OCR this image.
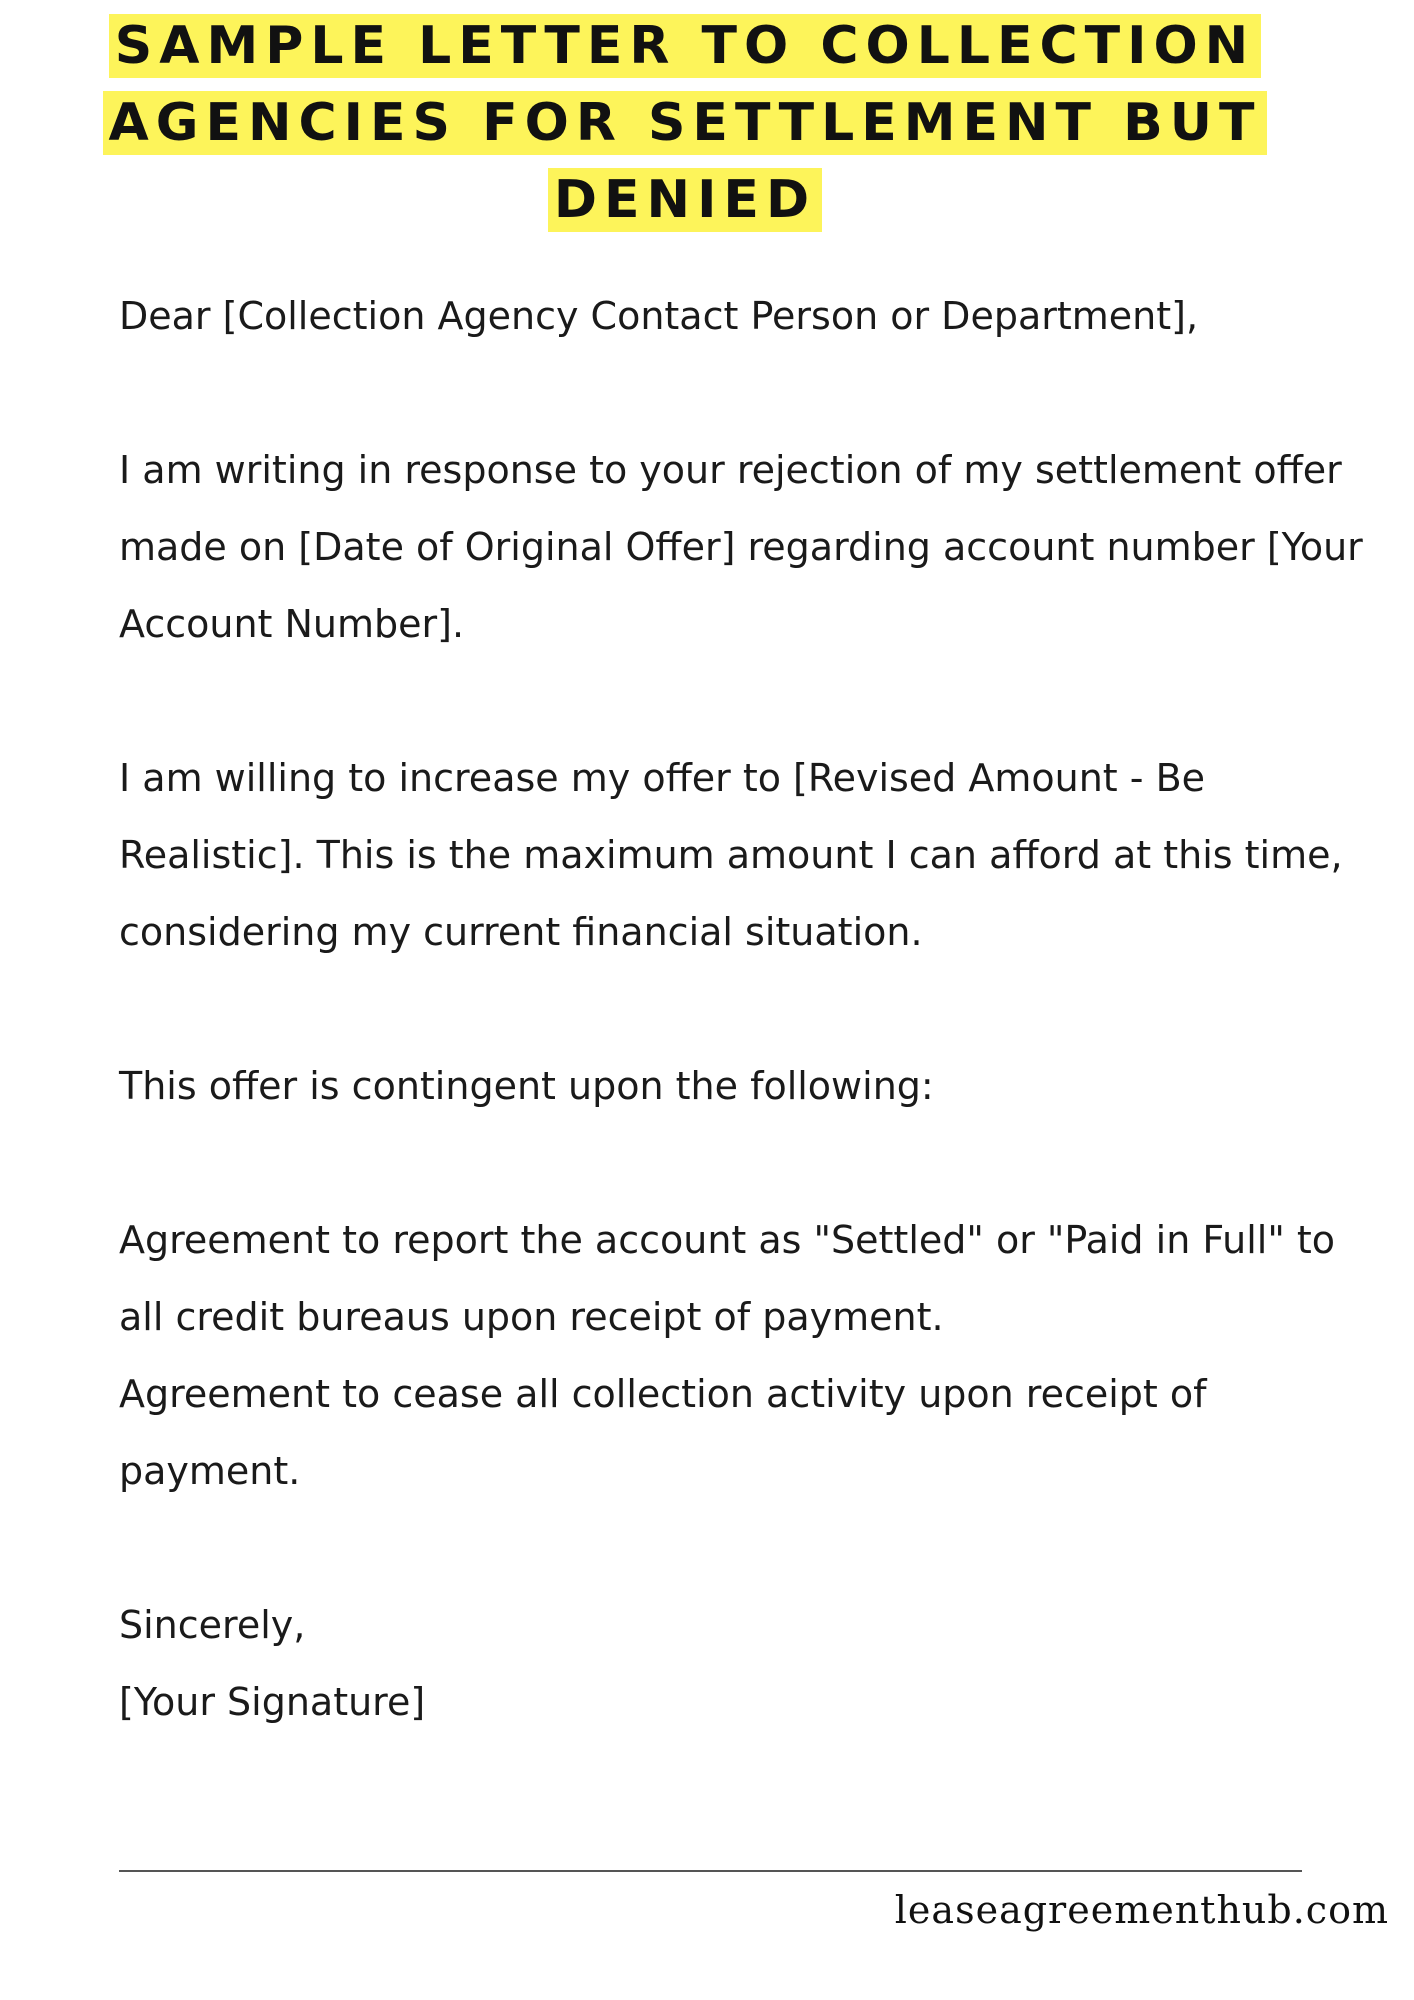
SAMPLE LETTER TO COLLECTION
AGENCIES FOR SETTLEMENT BUT
DENIED

Dear [Collection Agency Contact Person or Department],

I am writing in response to your rejection of my settlement offer made on [Date of Original Offer] regarding account number [Your Account Number].

I am willing to increase my offer to [Revised Amount - Be Realistic]. This is the maximum amount I can afford at this time, considering my current financial situation.

This offer is contingent upon the following:

Agreement to report the account as "Settled" or "Paid in Full" to all credit bureaus upon receipt of payment.

Agreement to cease all collection activity upon receipt of payment.

Sincerely,

[Your Signature]

leaseagreementhub.com
